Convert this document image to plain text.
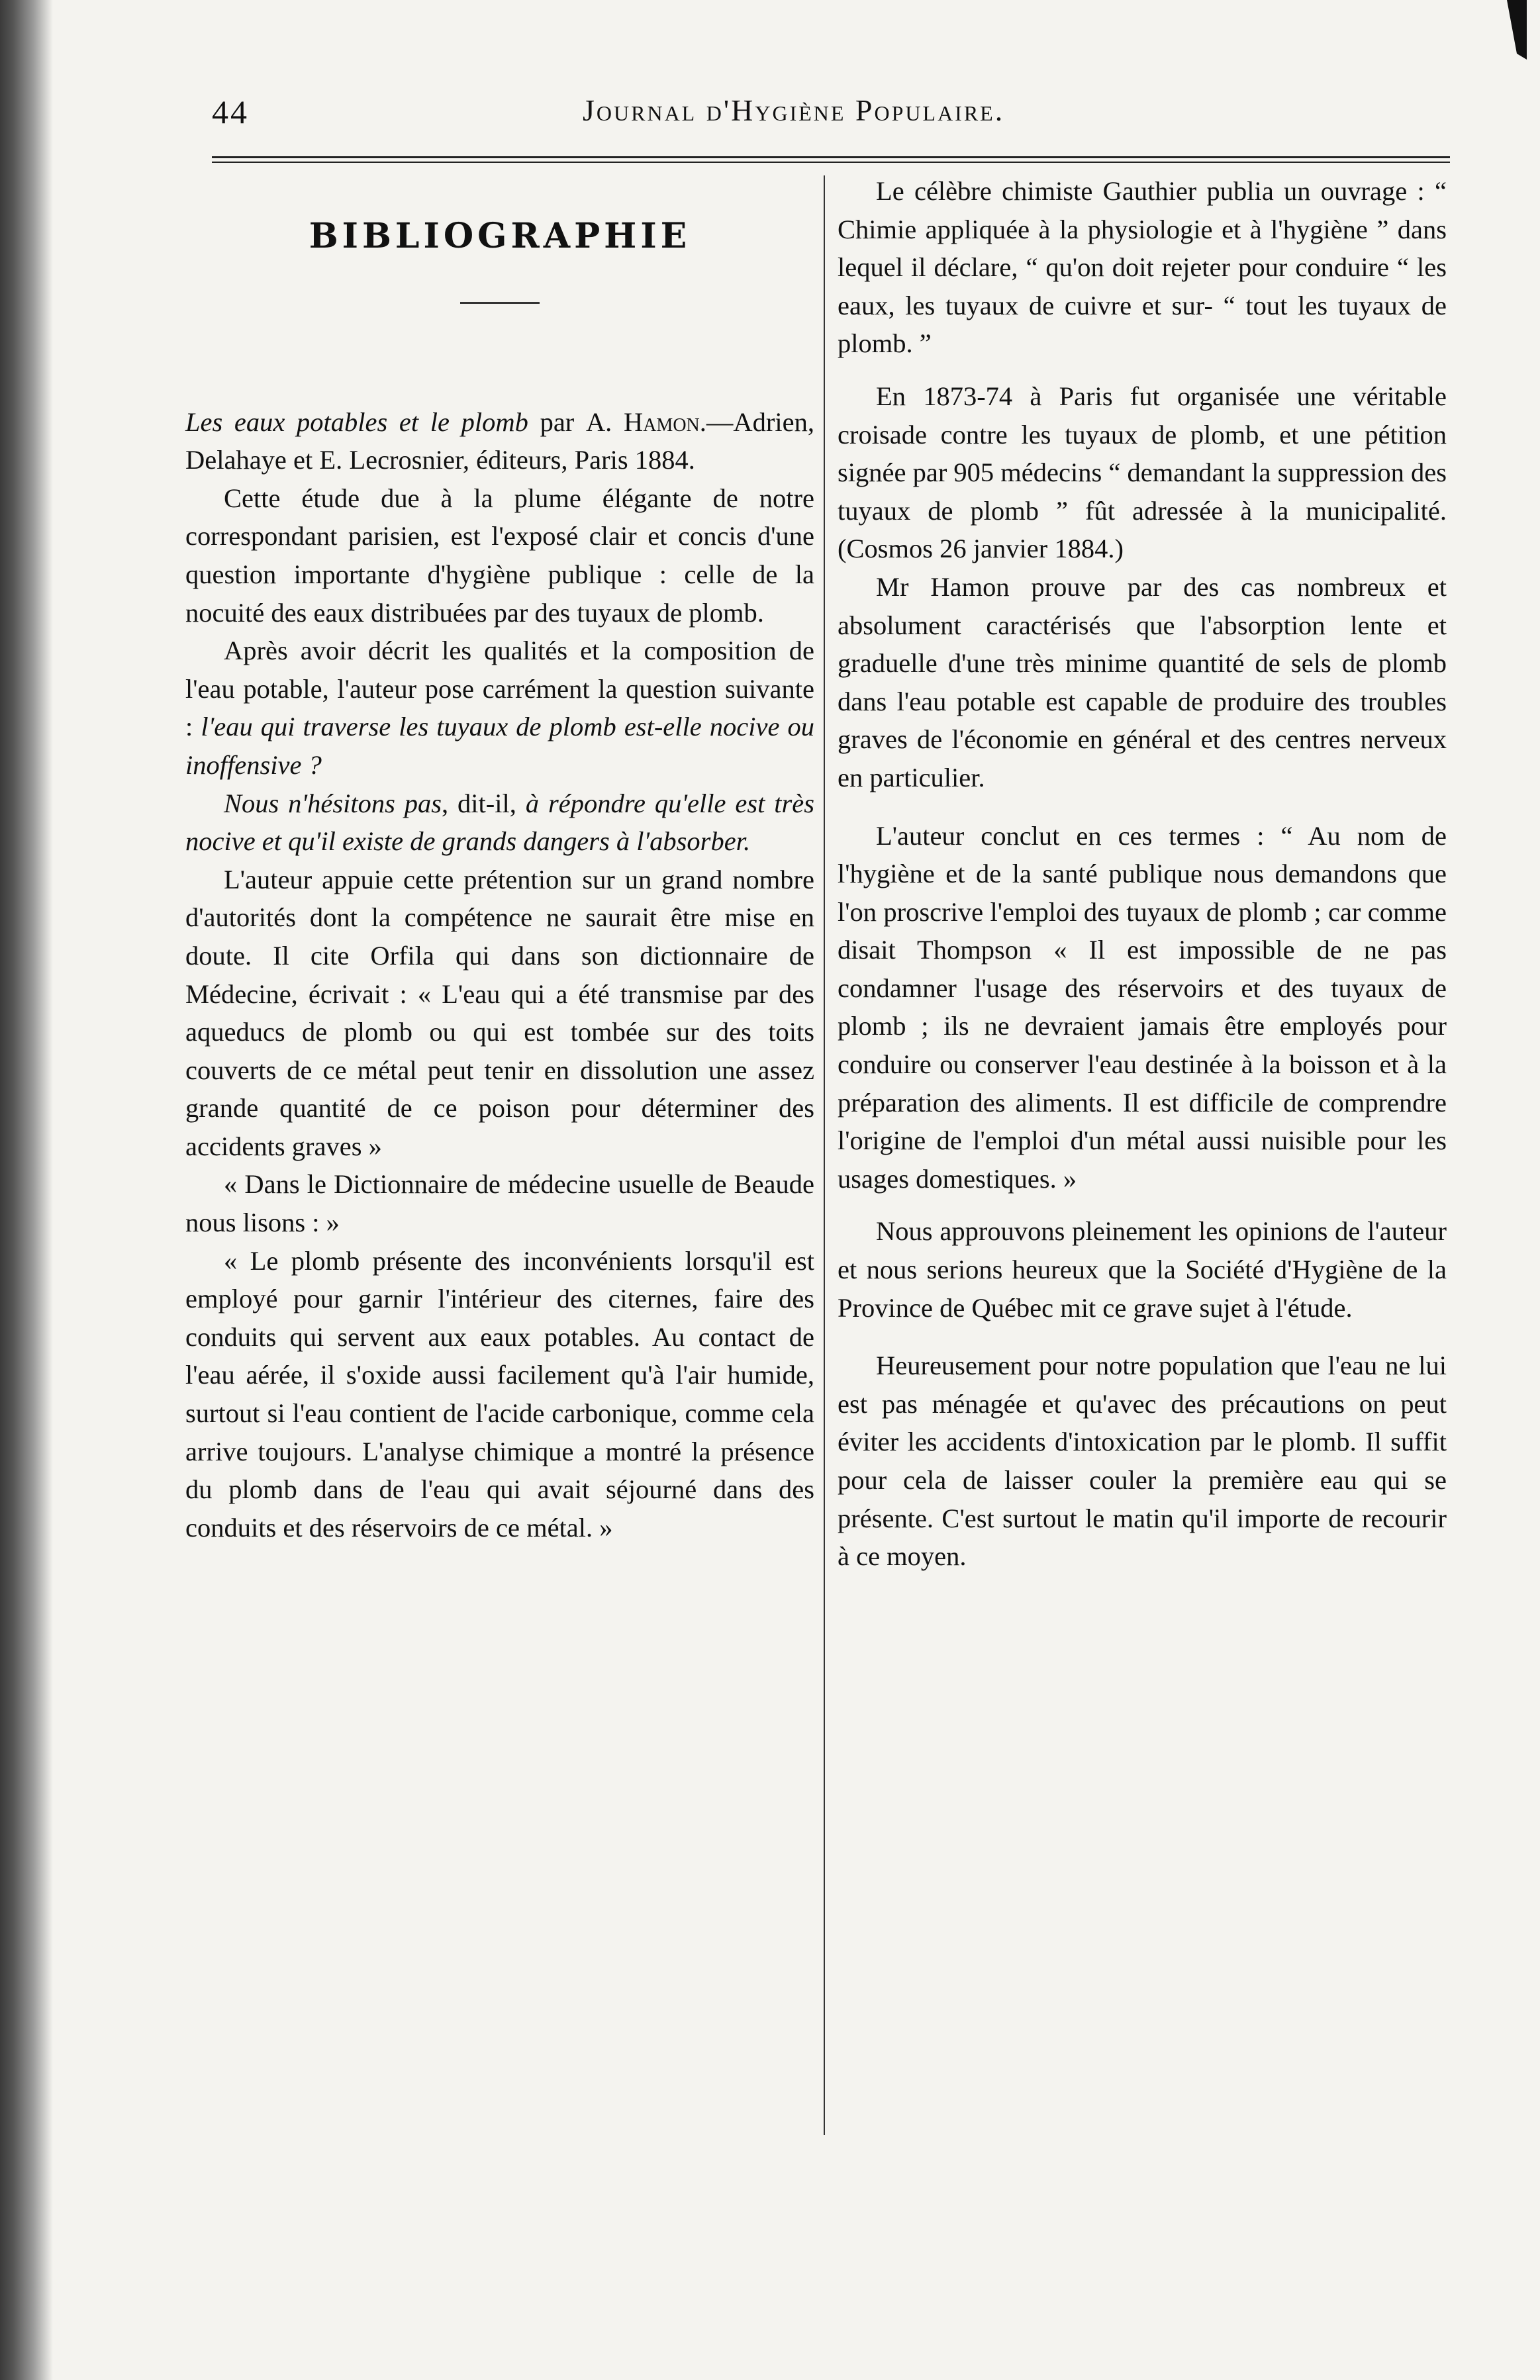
44	Journal d'Hygiène Populaire.
BIBLIOGRAPHIE

Les eaux potables et le plomb par A. Hamon.—Adrien, Delahaye et E. Lecrosnier, éditeurs, Paris 1884.

Cette étude due à la plume élégante de notre correspondant parisien, est l'exposé clair et concis d'une question importante d'hygiène publique : celle de la nocuité des eaux distribuées par des tuyaux de plomb.

Après avoir décrit les qualités et la composition de l'eau potable, l'auteur pose carrément la question suivante : l'eau qui traverse les tuyaux de plomb est-elle nocive ou inoffensive ?

Nous n'hésitons pas, dit-il, à répondre qu'elle est très nocive et qu'il existe de grands dangers à l'absorber.

L'auteur appuie cette prétention sur un grand nombre d'autorités dont la compétence ne saurait être mise en doute. Il cite Orfila qui dans son dictionnaire de Médecine, écrivait : « L'eau qui a été transmise par des aqueducs de plomb ou qui est tombée sur des toits couverts de ce métal peut tenir en dissolution une assez grande quantité de ce poison pour déterminer des accidents graves »

« Dans le Dictionnaire de médecine usuelle de Beaude nous lisons : »

« Le plomb présente des inconvénients lorsqu'il est employé pour garnir l'intérieur des citernes, faire des conduits qui servent aux eaux potables. Au contact de l'eau aérée, il s'oxide aussi facilement qu'à l'air humide, surtout si l'eau contient de l'acide carbonique, comme cela arrive toujours. L'analyse chimique a montré la présence du plomb dans de l'eau qui avait séjourné dans des conduits et des réservoirs de ce métal. »

Le célèbre chimiste Gauthier publia un ouvrage : “ Chimie appliquée à la physiologie et à l'hygiène ” dans lequel il déclare, “ qu'on doit rejeter pour conduire “ les eaux, les tuyaux de cuivre et sur- “ tout les tuyaux de plomb. ”

En 1873-74 à Paris fut organisée une véritable croisade contre les tuyaux de plomb, et une pétition signée par 905 médecins “ demandant la suppression des tuyaux de plomb ” fût adressée à la municipalité. (Cosmos 26 janvier 1884.)

Mr Hamon prouve par des cas nombreux et absolument caractérisés que l'absorption lente et graduelle d'une très minime quantité de sels de plomb dans l'eau potable est capable de produire des troubles graves de l'économie en général et des centres nerveux en particulier.

L'auteur conclut en ces termes : “ Au nom de l'hygiène et de la santé publique nous demandons que l'on proscrive l'emploi des tuyaux de plomb ; car comme disait Thompson « Il est impossible de ne pas condamner l'usage des réservoirs et des tuyaux de plomb ; ils ne devraient jamais être employés pour conduire ou conserver l'eau destinée à la boisson et à la préparation des aliments. Il est difficile de comprendre l'origine de l'emploi d'un métal aussi nuisible pour les usages domestiques. »

Nous approuvons pleinement les opinions de l'auteur et nous serions heureux que la Société d'Hygiène de la Province de Québec mit ce grave sujet à l'étude.

Heureusement pour notre population que l'eau ne lui est pas ménagée et qu'avec des précautions on peut éviter les accidents d'intoxication par le plomb. Il suffit pour cela de laisser couler la première eau qui se présente. C'est surtout le matin qu'il importe de recourir à ce moyen.
